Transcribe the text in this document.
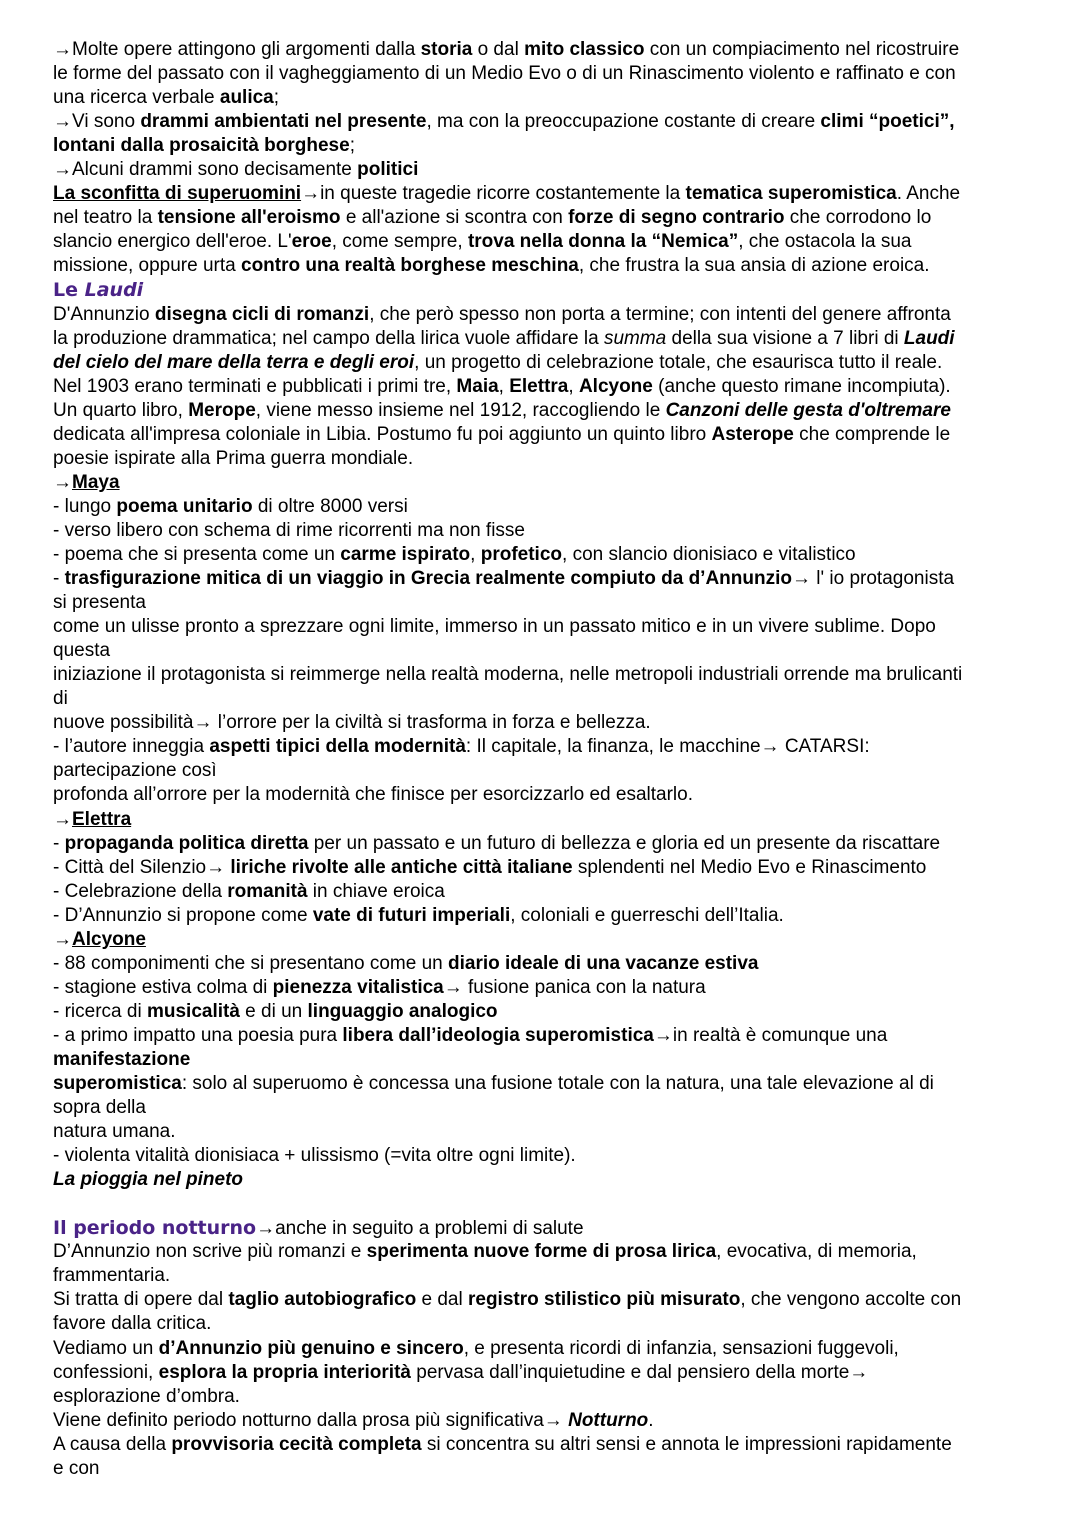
→Molte opere attingono gli argomenti dalla storia o dal mito classico con un compiacimento nel ricostruire
le forme del passato con il vagheggiamento di un Medio Evo o di un Rinascimento violento e raffinato e con
una ricerca verbale aulica;
→Vi sono drammi ambientati nel presente, ma con la preoccupazione costante di creare climi “poetici”,
lontani dalla prosaicità borghese;
→Alcuni drammi sono decisamente politici
La sconfitta di superuomini→in queste tragedie ricorre costantemente la tematica superomistica. Anche
nel teatro la tensione all'eroismo e all'azione si scontra con forze di segno contrario che corrodono lo
slancio energico dell'eroe. L'eroe, come sempre, trova nella donna la “Nemica”, che ostacola la sua
missione, oppure urta contro una realtà borghese meschina, che frustra la sua ansia di azione eroica.
Le Laudi
D'Annunzio disegna cicli di romanzi, che però spesso non porta a termine; con intenti del genere affronta
la produzione drammatica; nel campo della lirica vuole affidare la summa della sua visione a 7 libri di Laudi
del cielo del mare della terra e degli eroi, un progetto di celebrazione totale, che esaurisca tutto il reale.
Nel 1903 erano terminati e pubblicati i primi tre, Maia, Elettra, Alcyone (anche questo rimane incompiuta).
Un quarto libro, Merope, viene messo insieme nel 1912, raccogliendo le Canzoni delle gesta d'oltremare
dedicata all'impresa coloniale in Libia. Postumo fu poi aggiunto un quinto libro Asterope che comprende le
poesie ispirate alla Prima guerra mondiale.
→Maya
- lungo poema unitario di oltre 8000 versi
- verso libero con schema di rime ricorrenti ma non fisse
- poema che si presenta come un carme ispirato, profetico, con slancio dionisiaco e vitalistico
- trasfigurazione mitica di un viaggio in Grecia realmente compiuto da d’Annunzio→ l' io protagonista
si presenta
come un ulisse pronto a sprezzare ogni limite, immerso in un passato mitico e in un vivere sublime. Dopo
questa
iniziazione il protagonista si reimmerge nella realtà moderna, nelle metropoli industriali orrende ma brulicanti
di
nuove possibilità→ l’orrore per la civiltà si trasforma in forza e bellezza.
- l’autore inneggia aspetti tipici della modernità: Il capitale, la finanza, le macchine→ CATARSI:
partecipazione così
profonda all’orrore per la modernità che finisce per esorcizzarlo ed esaltarlo.
→Elettra
- propaganda politica diretta per un passato e un futuro di bellezza e gloria ed un presente da riscattare
- Città del Silenzio→ liriche rivolte alle antiche città italiane splendenti nel Medio Evo e Rinascimento
- Celebrazione della romanità in chiave eroica
- D’Annunzio si propone come vate di futuri imperiali, coloniali e guerreschi dell’Italia.
→Alcyone
- 88 componimenti che si presentano come un diario ideale di una vacanze estiva
- stagione estiva colma di pienezza vitalistica→ fusione panica con la natura
- ricerca di musicalità e di un linguaggio analogico
- a primo impatto una poesia pura libera dall’ideologia superomistica→in realtà è comunque una
manifestazione
superomistica: solo al superuomo è concessa una fusione totale con la natura, una tale elevazione al di
sopra della
natura umana.
- violenta vitalità dionisiaca + ulissismo (=vita oltre ogni limite).
La pioggia nel pineto
Il periodo notturno→anche in seguito a problemi di salute
D’Annunzio non scrive più romanzi e sperimenta nuove forme di prosa lirica, evocativa, di memoria,
frammentaria.
Si tratta di opere dal taglio autobiografico e dal registro stilistico più misurato, che vengono accolte con
favore dalla critica.
Vediamo un d’Annunzio più genuino e sincero, e presenta ricordi di infanzia, sensazioni fuggevoli,
confessioni, esplora la propria interiorità pervasa dall’inquietudine e dal pensiero della morte→
esplorazione d’ombra.
Viene definito periodo notturno dalla prosa più significativa→ Notturno.
A causa della provvisoria cecità completa si concentra su altri sensi e annota le impressioni rapidamente
e con
